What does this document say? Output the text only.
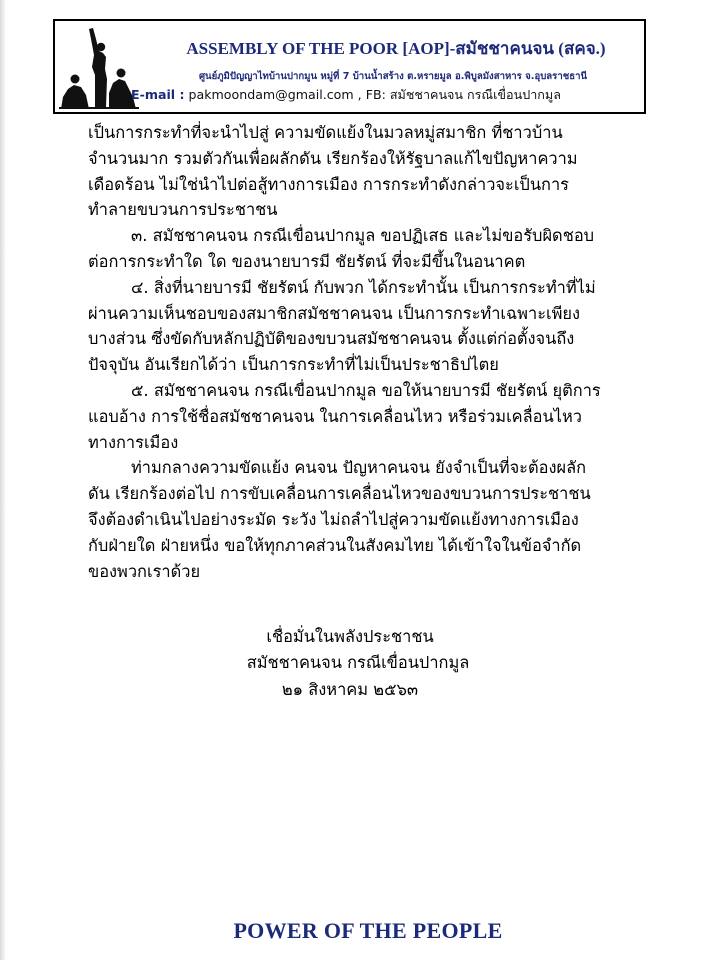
ASSEMBLY OF THE POOR [AOP]-สมัชชาคนจน (สคจ.)
ศูนย์ภูมิปัญญาไทบ้านปากมูน หมู่ที่ 7 บ้านน้ำสร้าง ต.หรายมูล อ.พิบูลมังสาหาร จ.อุบลราชธานี
E-mail : pakmoondam@gmail.com , FB: สมัชชาคนจน กรณีเขื่อนปากมูล
เป็นการกระทำที่จะนำไปสู่ ความขัดแย้งในมวลหมู่สมาชิก ที่ชาวบ้าน
จำนวนมาก รวมตัวกันเพื่อผลักดัน เรียกร้องให้รัฐบาลแก้ไขปัญหาความ
เดือดร้อน ไม่ใช่นำไปต่อสู้ทางการเมือง การกระทำดังกล่าวจะเป็นการ
ทำลายขบวนการประชาชน
๓. สมัชชาคนจน กรณีเขื่อนปากมูล ขอปฏิเสธ และไม่ขอรับผิดชอบ
ต่อการกระทำใด ใด ของนายบารมี ชัยรัตน์ ที่จะมีขึ้นในอนาคต
๔. สิ่งที่นายบารมี ชัยรัตน์ กับพวก ได้กระทำนั้น เป็นการกระทำที่ไม่
ผ่านความเห็นชอบของสมาชิกสมัชชาคนจน เป็นการกระทำเฉพาะเพียง
บางส่วน ซึ่งขัดกับหลักปฏิบัติของขบวนสมัชชาคนจน ตั้งแต่ก่อตั้งจนถึง
ปัจจุบัน อันเรียกได้ว่า เป็นการกระทำที่ไม่เป็นประชาธิปไตย
๕. สมัชชาคนจน กรณีเขื่อนปากมูล ขอให้นายบารมี ชัยรัตน์ ยุติการ
แอบอ้าง การใช้ชื่อสมัชชาคนจน ในการเคลื่อนไหว หรือร่วมเคลื่อนไหว
ทางการเมือง
ท่ามกลางความขัดแย้ง คนจน ปัญหาคนจน ยังจำเป็นที่จะต้องผลัก
ดัน เรียกร้องต่อไป การขับเคลื่อนการเคลื่อนไหวของขบวนการประชาชน
จึงต้องดำเนินไปอย่างระมัด ระวัง ไม่ถลำไปสู่ความขัดแย้งทางการเมือง
กับฝ่ายใด ฝ่ายหนึ่ง ขอให้ทุกภาคส่วนในสังคมไทย ได้เข้าใจในข้อจำกัด
ของพวกเราด้วย
เชื่อมั่นในพลังประชาชน
สมัชชาคนจน กรณีเขื่อนปากมูล
๒๑ สิงหาคม ๒๕๖๓
POWER OF THE PEOPLE
